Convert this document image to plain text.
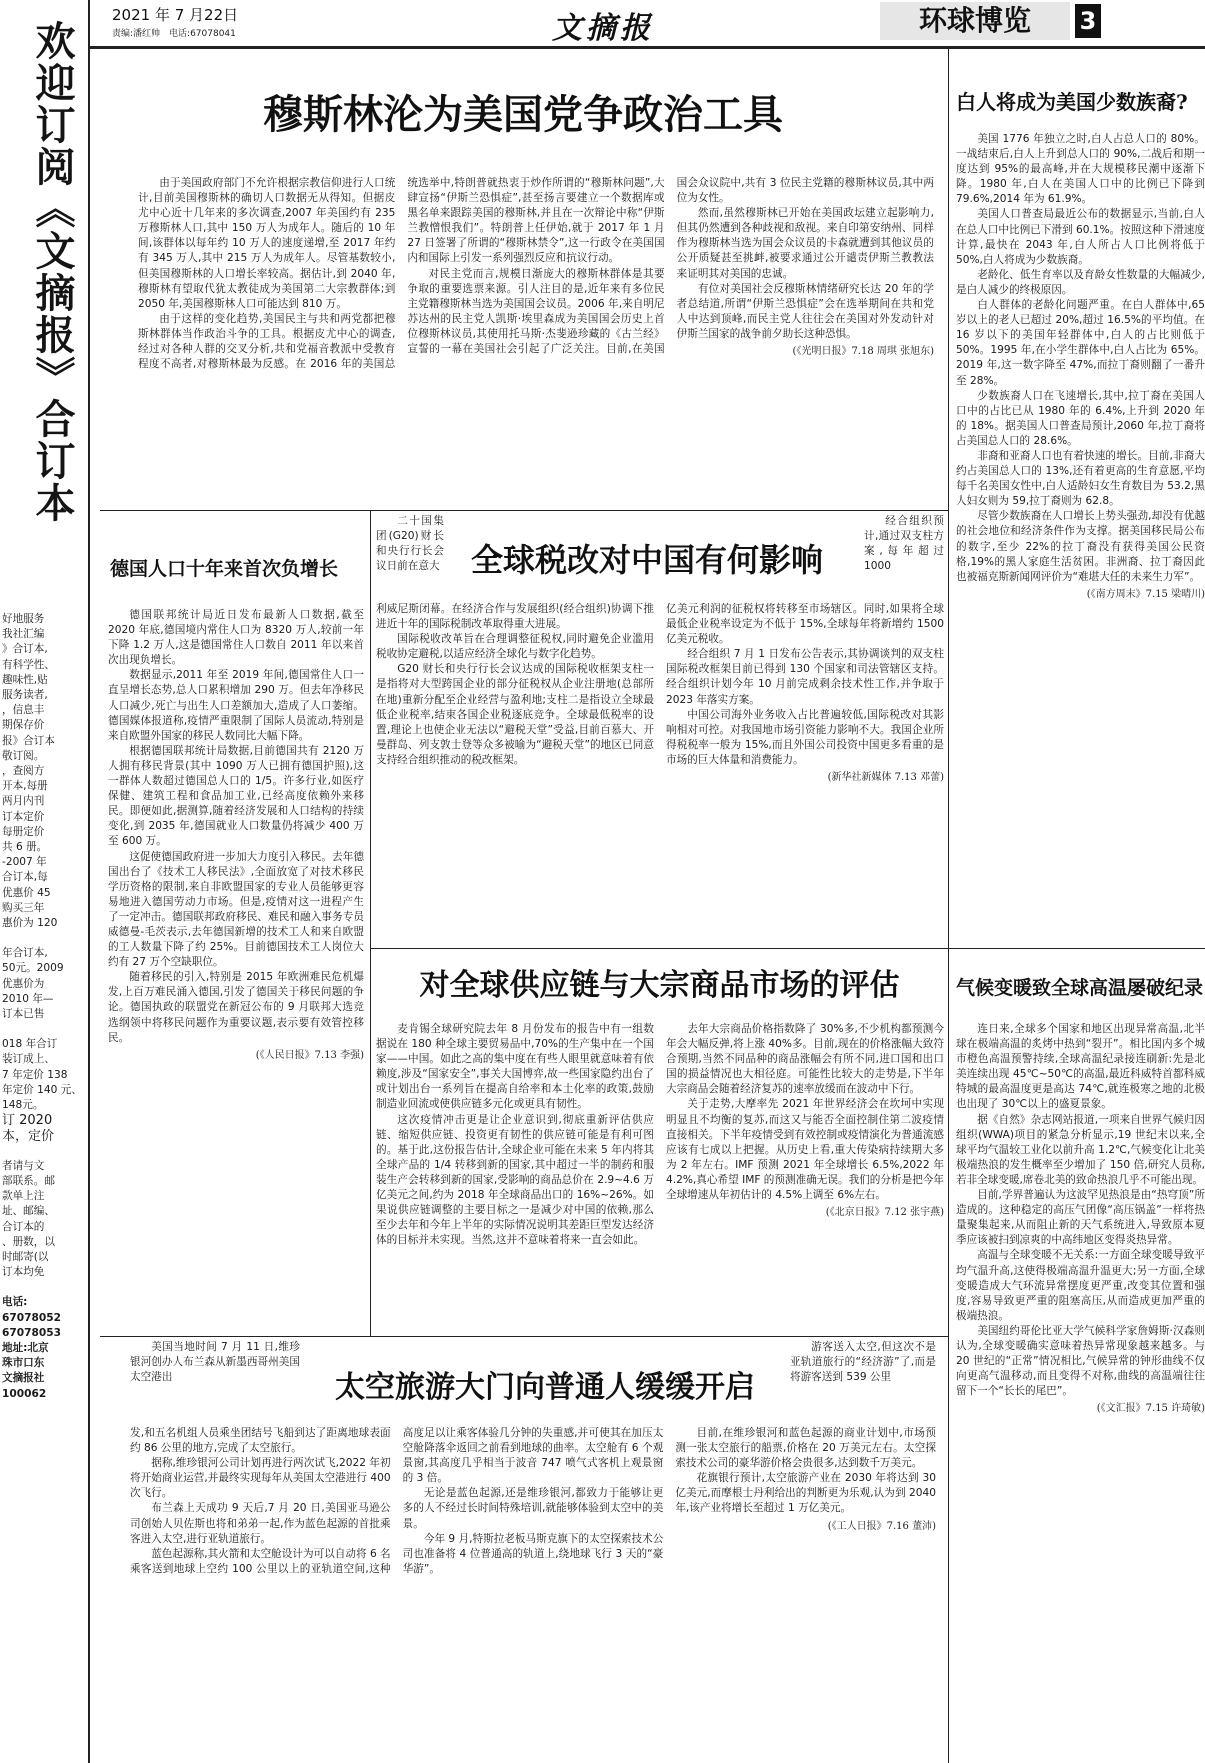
2021 年 7 月22日
责编:潘红帅　电话:67078041	文摘报	环球博览	3
欢迎订阅《文摘报》合订本
好地服务
我社汇编
》合订本,
有科学性、
趣味性,贴
服务读者,
，信息丰
期保存价
报》合订本
敬订阅。
，查阅方
开本,每册
两月内刊
订本定价
每册定价
共 6 册。
-2007 年
合订本,每
优惠价 45
购买三年
惠价为 120
年合订本,
50元。2009
优惠价为
2010 年—
订本已售
018 年合订
装订成上、
7 年定价 138
年定价 140 元、
148元。
订 2020
本，定价
者请与文
部联系。邮
款单上注
址、邮编、
合订本的
、册数，以
时邮寄(以
订本均免
电话:
67078052
67078053
地址:北京
珠市口东
文摘报社
100062
穆斯林沦为美国党争政治工具

由于美国政府部门不允许根据宗教信仰进行人口统计,目前美国穆斯林的确切人口数据无从得知。但据皮尤中心近十几年来的多次调查,2007 年美国约有 235 万穆斯林人口,其中 150 万人为成年人。随后的 10 年间,该群体以每年约 10 万人的速度递增,至 2017 年约有 345 万人,其中 215 万人为成年人。尽管基数较小,但美国穆斯林的人口增长率较高。据估计,到 2040 年,穆斯林有望取代犹太教徒成为美国第二大宗教群体;到 2050 年,美国穆斯林人口可能达到 810 万。

由于这样的变化趋势,美国民主与共和两党都把穆斯林群体当作政治斗争的工具。根据皮尤中心的调查,经过对各种人群的交叉分析,共和党福音教派中受教育程度不高者,对穆斯林最为反感。在 2016 年的美国总统选举中,特朗普就热衷于炒作所谓的“穆斯林问题”,大肆宣扬“伊斯兰恐惧症”,甚至扬言要建立一个数据库或黑名单来跟踪美国的穆斯林,并且在一次辩论中称“伊斯兰教憎恨我们”。特朗普上任伊始,就于 2017 年 1 月 27 日签署了所谓的“穆斯林禁令”,这一行政令在美国国内和国际上引发一系列强烈反应和抗议行动。

对民主党而言,规模日渐庞大的穆斯林群体是其要争取的重要选票来源。引人注目的是,近年来有多位民主党籍穆斯林当选为美国国会议员。2006 年,来自明尼苏达州的民主党人凯斯·埃里森成为美国国会历史上首位穆斯林议员,其使用托马斯·杰斐逊珍藏的《古兰经》宣誓的一幕在美国社会引起了广泛关注。目前,在美国国会众议院中,共有 3 位民主党籍的穆斯林议员,其中两位为女性。

然而,虽然穆斯林已开始在美国政坛建立起影响力,但其仍然遭到各种歧视和敌视。来自印第安纳州、同样作为穆斯林当选为国会众议员的卡森就遭到其他议员的公开质疑甚至挑衅,被要求通过公开谴责伊斯兰教教法来证明其对美国的忠诚。

有位对美国社会反穆斯林情绪研究长达 20 年的学者总结道,所谓“伊斯兰恐惧症”会在选举期间在共和党人中达到顶峰,而民主党人往往会在美国对外发动针对伊斯兰国家的战争前夕助长这种恐惧。

(《光明日报》7.18 周琪 张旭东)

白人将成为美国少数族裔?

美国 1776 年独立之时,白人占总人口的 80%。一战结束后,白人上升到总人口的 90%,二战后和期一度达到 95%的最高峰,并在大规模移民潮中逐渐下降。1980 年,白人在美国人口中的比例已下降到 79.6%,2014 年为 61.9%。

美国人口普查局最近公布的数据显示,当前,白人在总人口中比例已下滑到 60.1%。按照这种下滑速度计算,最快在 2043 年,白人所占人口比例将低于 50%,白人将成为少数族裔。

老龄化、低生育率以及育龄女性数量的大幅减少,是白人减少的终极原因。

白人群体的老龄化问题严重。在白人群体中,65 岁以上的老人已超过 20%,超过 16.5%的平均值。在 16 岁以下的美国年轻群体中,白人的占比则低于 50%。1995 年,在小学生群体中,白人占比为 65%。2019 年,这一数字降至 47%,而拉丁裔则翻了一番升至 28%。

少数族裔人口在飞速增长,其中,拉丁裔在美国人口中的占比已从 1980 年的 6.4%,上升到 2020 年的 18%。据美国人口普查局预计,2060 年,拉丁裔将占美国总人口的 28.6%。

非裔和亚裔人口也有着快速的增长。目前,非裔大约占美国总人口的 13%,还有着更高的生育意愿,平均每千名美国女性中,白人适龄妇女生育数目为 53.2,黑人妇女则为 59,拉丁裔则为 62.8。

尽管少数族裔在人口增长上势头强劲,却没有优越的社会地位和经济条件作为支撑。据美国移民局公布的数字,至少 22%的拉丁裔没有获得美国公民资格,19%的黑人家庭生活贫困。非洲裔、拉丁裔因此也被福克斯新闻网评价为“难堪大任的未来生力军”。

(《南方周末》7.15 梁晴川)

德国人口十年来首次负增长

德国联邦统计局近日发布最新人口数据,截至 2020 年底,德国境内常住人口为 8320 万人,较前一年下降 1.2 万人,这是德国常住人口数自 2011 年以来首次出现负增长。

数据显示,2011 年至 2019 年间,德国常住人口一直呈增长态势,总人口累积增加 290 万。但去年净移民人口减少,死亡与出生人口差额加大,造成了人口萎缩。德国媒体报道称,疫情严重限制了国际人员流动,特别是来自欧盟外国家的移民人数同比大幅下降。

根据德国联邦统计局数据,目前德国共有 2120 万人拥有移民背景(其中 1090 万人已拥有德国护照),这一群体人数超过德国总人口的 1/5。许多行业,如医疗保健、建筑工程和食品加工业,已经高度依赖外来移民。即便如此,据测算,随着经济发展和人口结构的持续变化,到 2035 年,德国就业人口数量仍将减少 400 万至 600 万。

这促使德国政府进一步加大力度引入移民。去年德国出台了《技术工人移民法》,全面放宽了对技术移民学历资格的限制,来自非欧盟国家的专业人员能够更容易地进入德国劳动力市场。但是,疫情对这一进程产生了一定冲击。德国联邦政府移民、难民和融入事务专员威德曼-毛茨表示,去年德国新增的技术工人和来自欧盟的工人数量下降了约 25%。目前德国技术工人岗位大约有 27 万个空缺职位。

随着移民的引入,特别是 2015 年欧洲难民危机爆发,上百万难民涌入德国,引发了德国关于移民问题的争论。德国执政的联盟党在新冠公布的 9 月联邦大选竞选纲领中将移民问题作为重要议题,表示要有效管控移民。

(《人民日报》7.13 李强)

二十国集团(G20)财长和央行行长会议日前在意大 全球税改对中国有何影响

经合组织预计,通过双支柱方案,每年超过 1000

利威尼斯闭幕。在经济合作与发展组织(经合组织)协调下推进近十年的国际税制改革取得重大进展。

国际税收改革旨在合理调整征税权,同时避免企业滥用税收协定避税,以适应经济全球化与数字化趋势。

G20 财长和央行行长会议达成的国际税收框架支柱一是指将对大型跨国企业的部分征税权从企业注册地(总部所在地)重新分配至企业经营与盈利地;支柱二是指设立全球最低企业税率,结束各国企业税逐底竞争。全球最低税率的设置,理论上也使企业无法以“避税天堂”受益,目前百慕大、开曼群岛、列支敦士登等众多被喻为“避税天堂”的地区已同意支持经合组织推动的税改框架。

亿美元利润的征税权将转移至市场辖区。同时,如果将全球最低企业税率设定为不低于 15%,全球每年将新增约 1500 亿美元税收。

经合组织 7 月 1 日发布公告表示,其协调谈判的双支柱国际税改框架目前已得到 130 个国家和司法管辖区支持。经合组织计划今年 10 月前完成剩余技术性工作,并争取于 2023 年落实方案。

中国公司海外业务收入占比普遍较低,国际税改对其影响相对可控。对我国地市场引资能力影响不大。我国企业所得税税率一般为 15%,而且外国公司投资中国更多看重的是市场的巨大体量和消费能力。

(新华社新媒体 7.13 邓蕾)

对全球供应链与大宗商品市场的评估

麦肯锡全球研究院去年 8 月份发布的报告中有一组数据说在 180 种全球主要贸易品中,70%的生产集中在一个国家——中国。如此之高的集中度在有些人眼里就意味着有依赖度,涉及“国家安全”,事关大国博弈,故一些国家隐约出台了或计划出台一系列旨在提高自给率和本土化率的政策,鼓励制造业回流或使供应链多元化或更具有韧性。

这次疫情冲击更是让企业意识到,彻底重新评估供应链、缩短供应链、投资更有韧性的供应链可能是有利可图的。基于此,这份报告估计,全球企业可能在未来 5 年内将其全球产品的 1/4 转移到新的国家,其中超过一半的制药和服装生产会转移到新的国家,受影响的商品总价在 2.9~4.6 万亿美元之间,约为 2018 年全球商品出口的 16%~26%。如果说供应链调整的主要目标之一是减少对中国的依赖,那么至少去年和今年上半年的实际情况说明其差距巨型发达经济体的目标并未实现。当然,这并不意味着将来一直会如此。

去年大宗商品价格指数降了 30%多,不少机构都预测今年会大幅反弹,将上涨 40%多。目前,现在的价格涨幅大致符合预期,当然不同品种的商品涨幅会有所不同,进口国和出口国的损益情况也大相径庭。可能性比较大的走势是,下半年大宗商品会随着经济复苏的速率放缓而在波动中下行。

关于走势,大摩率先 2021 年世界经济会在坎坷中实现明显且不均衡的复苏,而这又与能否全面控制住第二波疫情直接相关。下半年疫情受到有效控制或疫情演化为普通流感应该有七成以上把握。从历史上看,重大传染病持续期大多为 2 年左右。IMF 预测 2021 年全球增长 6.5%,2022 年 4.2%,真心希望 IMF 的预测准确无误。我们的分析是把今年全球增速从年初估计的 4.5%上调至 6%左右。

(《北京日报》7.12 张宇燕)

气候变暖致全球高温屡破纪录

连日来,全球多个国家和地区出现异常高温,北半球在极端高温的炙烤中热到“裂开”。相比国内多个城市橙色高温预警持续,全球高温纪录接连刷新:先是北美连续出现 45℃~50℃的高温,最近科威特首都科威特城的最高温度更是高达 74℃,就连极寒之地的北极也出现了 30℃以上的盛夏景象。

据《自然》杂志网站报道,一项来自世界气候归因组织(WWA)项目的紧急分析显示,19 世纪末以来,全球平均气温较工业化以前升高 1.2℃,气候变化让北美极端热浪的发生概率至少增加了 150 倍,研究人员称,若非全球变暖,席卷北美的致命热浪几乎不可能出现。

目前,学界普遍认为这波罕见热浪是由“热穹顶”所造成的。这种稳定的高压气团像“高压锅盖”一样将热量聚集起来,从而阻止新的天气系统进入,导致原本夏季应该被扫到凉爽的中高纬地区变得炎热异常。

高温与全球变暖不无关系:一方面全球变暖导致平均气温升高,这使得极端高温升温更大;另一方面,全球变暖造成大气环流异常摆度更严重,改变其位置和强度,容易导致更严重的阻塞高压,从而造成更加严重的极端热浪。

美国纽约哥伦比亚大学气候科学家詹姆斯·汉森则认为,全球变暖确实意味着热异常现象越来越多。与 20 世纪的“正常”情况相比,气候异常的钟形曲线不仅向更高气温移动,而且变得不对称,曲线的高温端往往留下一个“长长的尾巴”。

(《文汇报》7.15 许琦敏)

美国当地时间 7 月 11 日,维珍银河创办人布兰森从新墨西哥州美国太空港出	太空旅游大门向普通人缓缓开启

游客送入太空,但这次不是亚轨道旅行的“经济游”了,而是将游客送到 539 公里

发,和五名机组人员乘坐团结号飞船到达了距离地球表面约 86 公里的地方,完成了太空旅行。

据称,维珍银河公司计划再进行两次试飞,2022 年初将开始商业运营,并最终实现每年从美国太空港进行 400 次飞行。

布兰森上天成功 9 天后,7 月 20 日,美国亚马逊公司创始人贝佐斯也将和弟弟一起,作为蓝色起源的首批乘客进入太空,进行亚轨道旅行。

蓝色起源称,其火箭和太空舱设计为可以自动将 6 名乘客送到地球上空约 100 公里以上的亚轨道空间,这种高度足以让乘客体验几分钟的失重感,并可使其在加压太空舱降落伞返回之前看到地球的曲率。太空舱有 6 个观景窗,其高度几乎相当于波音 747 喷气式客机上观景窗的 3 倍。

无论是蓝色起源,还是维珍银河,都致力于能够让更多的人不经过长时间特殊培训,就能够体验到太空中的美景。

今年 9 月,特斯拉老板马斯克旗下的太空探索技术公司也准备将 4 位普通高的轨道上,绕地球飞行 3 天的“豪华游”。

目前,在维珍银河和蓝色起源的商业计划中,市场预测一张太空旅行的船票,价格在 20 万美元左右。太空探索技术公司的豪华游价格会贵很多,达到数千万美元。

花旗银行预计,太空旅游产业在 2030 年将达到 30 亿美元,而摩根士丹利给出的判断更为乐观,认为到 2040 年,该产业将增长至超过 1 万亿美元。

(《工人日报》7.16 董沛)
